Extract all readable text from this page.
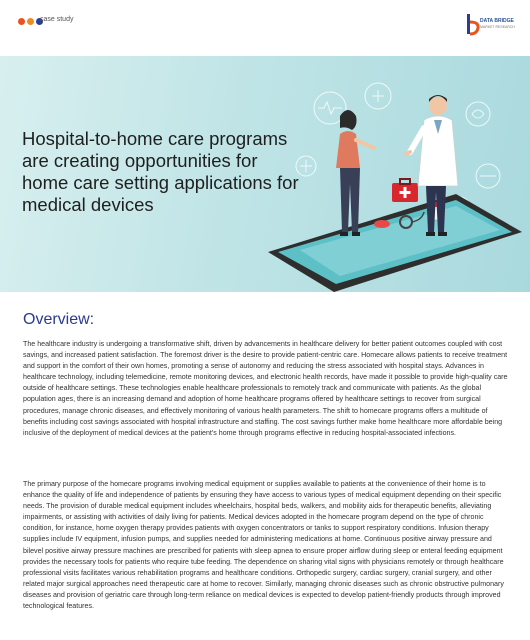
case study	DATA BRIDGE
MARKET RESEARCH
Hospital-to-home care programs are creating opportunities for home care setting applications for medical devices
Overview:

The healthcare industry is undergoing a transformative shift, driven by advancements in healthcare delivery for better patient outcomes coupled with cost savings, and increased patient satisfaction. The foremost driver is the desire to provide patient-centric care. Homecare allows patients to receive treatment and support in the comfort of their own homes, promoting a sense of autonomy and reducing the stress associated with hospital stays. Advances in healthcare technology, including telemedicine, remote monitoring devices, and electronic health records, have made it possible to provide high-quality care outside of healthcare settings. These technologies enable healthcare professionals to remotely track and communicate with patients. As the global population ages, there is an increasing demand and adoption of home healthcare programs offered by healthcare settings to recover from surgical procedures, manage chronic diseases, and effectively monitoring of various health parameters. The shift to homecare programs offers a multitude of benefits including cost savings associated with hospital infrastructure and staffing. The cost savings further make home healthcare more affordable being inclusive of the deployment of medical devices at the patient's home through programs effective in reducing hospital-associated infections.

The primary purpose of the homecare programs involving medical equipment or supplies available to patients at the convenience of their home is to enhance the quality of life and independence of patients by ensuring they have access to various types of medical equipment depending on their specific needs. The provision of durable medical equipment includes wheelchairs, hospital beds, walkers, and mobility aids for therapeutic benefits, alleviating impairments, or assisting with activities of daily living for patients. Medical devices adopted in the homecare program depend on the type of chronic condition, for instance, home oxygen therapy provides patients with oxygen concentrators or tanks to support respiratory conditions. Infusion therapy supplies include IV equipment, infusion pumps, and supplies needed for administering medications at home. Continuous positive airway pressure and bilevel positive airway pressure machines are prescribed for patients with sleep apnea to ensure proper airflow during sleep or enteral feeding equipment provides the necessary tools for patients who require tube feeding. The dependence on sharing vital signs with physicians remotely or through healthcare professional visits facilitates various rehabilitation programs and healthcare conditions. Orthopedic surgery, cardiac surgery, cranial surgery, and other related major surgical approaches need therapeutic care at home to recover. Similarly, managing chronic diseases such as chronic obstructive pulmonary diseases and provision of geriatric care through long-term reliance on medical devices is expected to develop patient-friendly products through improved technological features.
